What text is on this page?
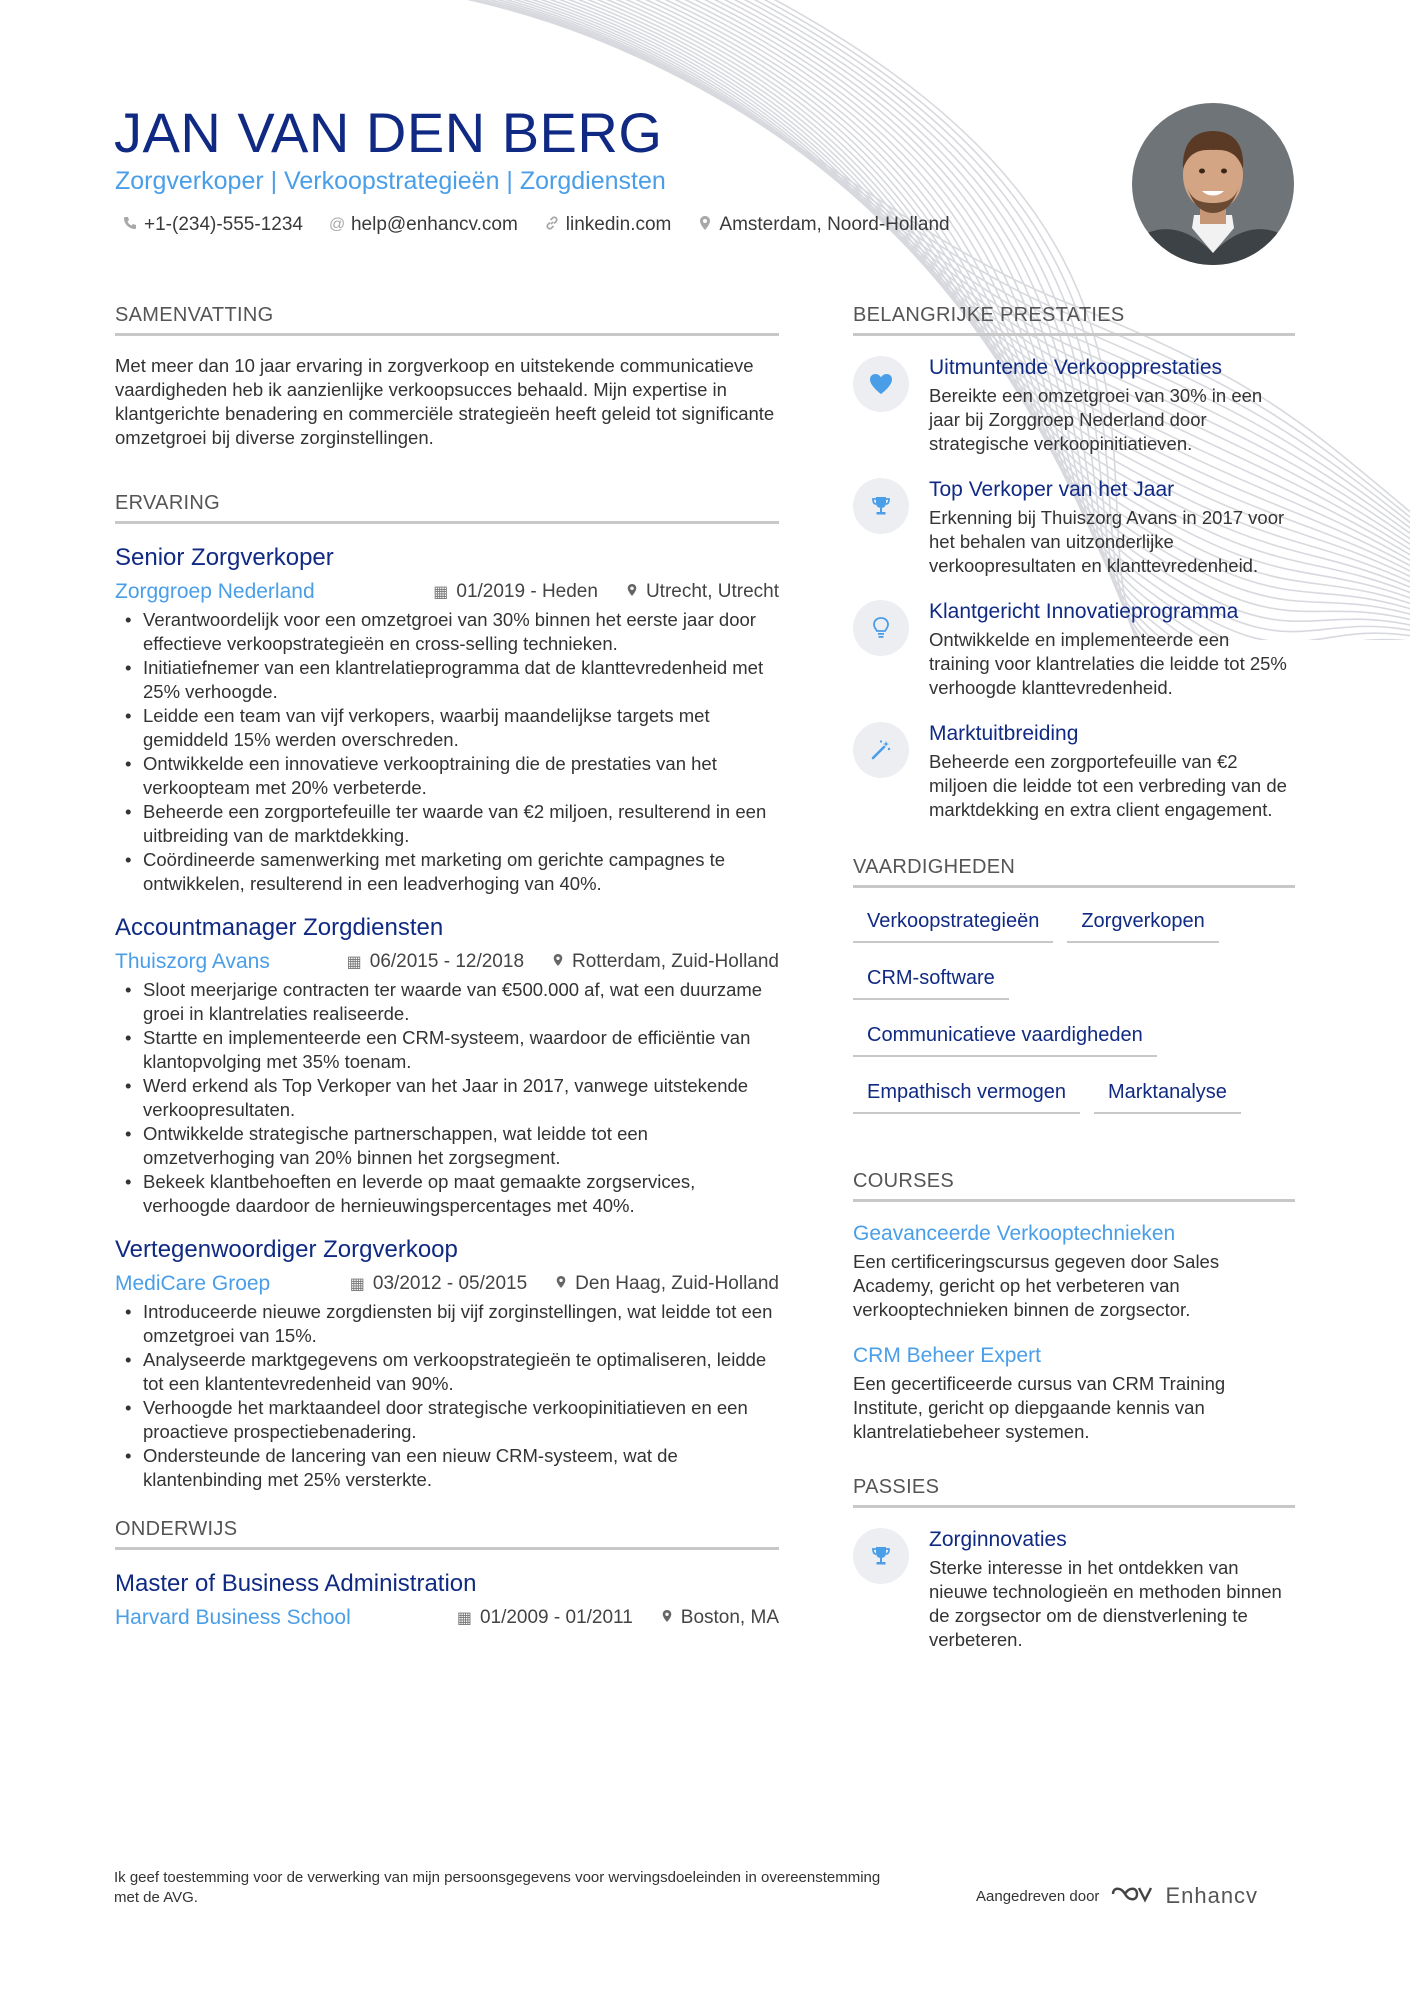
JAN VAN DEN BERG
Zorgverkoper | Verkoopstrategieën | Zorgdiensten
+1-(234)-555-1234 @ help@enhancv.com	linkedin.com	Amsterdam, Noord-Holland
SAMENVATTING
Met meer dan 10 jaar ervaring in zorgverkoop en uitstekende communicatieve vaardigheden heb ik aanzienlijke verkoopsucces behaald. Mijn expertise in klantgerichte benadering en commerciële strategieën heeft geleid tot significante omzetgroei bij diverse zorginstellingen.
ERVARING
Senior Zorgverkoper
Zorggroep Nederland	▦ 01/2019 - Heden	Utrecht, Utrecht
• Verantwoordelijk voor een omzetgroei van 30% binnen het eerste jaar door effectieve verkoopstrategieën en cross-selling technieken.
• Initiatiefnemer van een klantrelatieprogramma dat de klanttevredenheid met 25% verhoogde.
• Leidde een team van vijf verkopers, waarbij maandelijkse targets met gemiddeld 15% werden overschreden.
• Ontwikkelde een innovatieve verkooptraining die de prestaties van het verkoopteam met 20% verbeterde.
• Beheerde een zorgportefeuille ter waarde van €2 miljoen, resulterend in een uitbreiding van de marktdekking.
• Coördineerde samenwerking met marketing om gerichte campagnes te ontwikkelen, resulterend in een leadverhoging van 40%.
Accountmanager Zorgdiensten
Thuiszorg Avans	▦ 06/2015 - 12/2018	Rotterdam, Zuid-Holland
• Sloot meerjarige contracten ter waarde van €500.000 af, wat een duurzame groei in klantrelaties realiseerde.
• Startte en implementeerde een CRM-systeem, waardoor de efficiëntie van klantopvolging met 35% toenam.
• Werd erkend als Top Verkoper van het Jaar in 2017, vanwege uitstekende verkoopresultaten.
• Ontwikkelde strategische partnerschappen, wat leidde tot een omzetverhoging van 20% binnen het zorgsegment.
• Bekeek klantbehoeften en leverde op maat gemaakte zorgservices, verhoogde daardoor de hernieuwingspercentages met 40%.
Vertegenwoordiger Zorgverkoop
MediCare Groep	▦ 03/2012 - 05/2015	Den Haag, Zuid-Holland
• Introduceerde nieuwe zorgdiensten bij vijf zorginstellingen, wat leidde tot een omzetgroei van 15%.
• Analyseerde marktgegevens om verkoopstrategieën te optimaliseren, leidde tot een klantentevredenheid van 90%.
• Verhoogde het marktaandeel door strategische verkoopinitiatieven en een proactieve prospectiebenadering.
• Ondersteunde de lancering van een nieuw CRM-systeem, wat de klantenbinding met 25% versterkte.
ONDERWIJS
Master of Business Administration
Harvard Business School	▦ 01/2009 - 01/2011	Boston, MA
BELANGRIJKE PRESTATIES
Uitmuntende Verkoopprestaties
Bereikte een omzetgroei van 30% in een jaar bij Zorggroep Nederland door strategische verkoopinitiatieven.
Top Verkoper van het Jaar
Erkenning bij Thuiszorg Avans in 2017 voor het behalen van uitzonderlijke verkoopresultaten en klanttevredenheid.
Klantgericht Innovatieprogramma
Ontwikkelde en implementeerde een training voor klantrelaties die leidde tot 25% verhoogde klanttevredenheid.
Marktuitbreiding
Beheerde een zorgportefeuille van €2 miljoen die leidde tot een verbreding van de marktdekking en extra client engagement.
VAARDIGHEDEN
Verkoopstrategieën	Zorgverkopen
CRM-software
Communicatieve vaardigheden
Empathisch vermogen	Marktanalyse
COURSES
Geavanceerde Verkooptechnieken
Een certificeringscursus gegeven door Sales Academy, gericht op het verbeteren van verkooptechnieken binnen de zorgsector.
CRM Beheer Expert
Een gecertificeerde cursus van CRM Training Institute, gericht op diepgaande kennis van klantrelatiebeheer systemen.
PASSIES
Zorginnovaties
Sterke interesse in het ontdekken van nieuwe technologieën en methoden binnen de zorgsector om de dienstverlening te verbeteren.
Ik geef toestemming voor de verwerking van mijn persoonsgegevens voor wervingsdoeleinden in overeenstemming met de AVG.	Aangedreven door	Enhancv
